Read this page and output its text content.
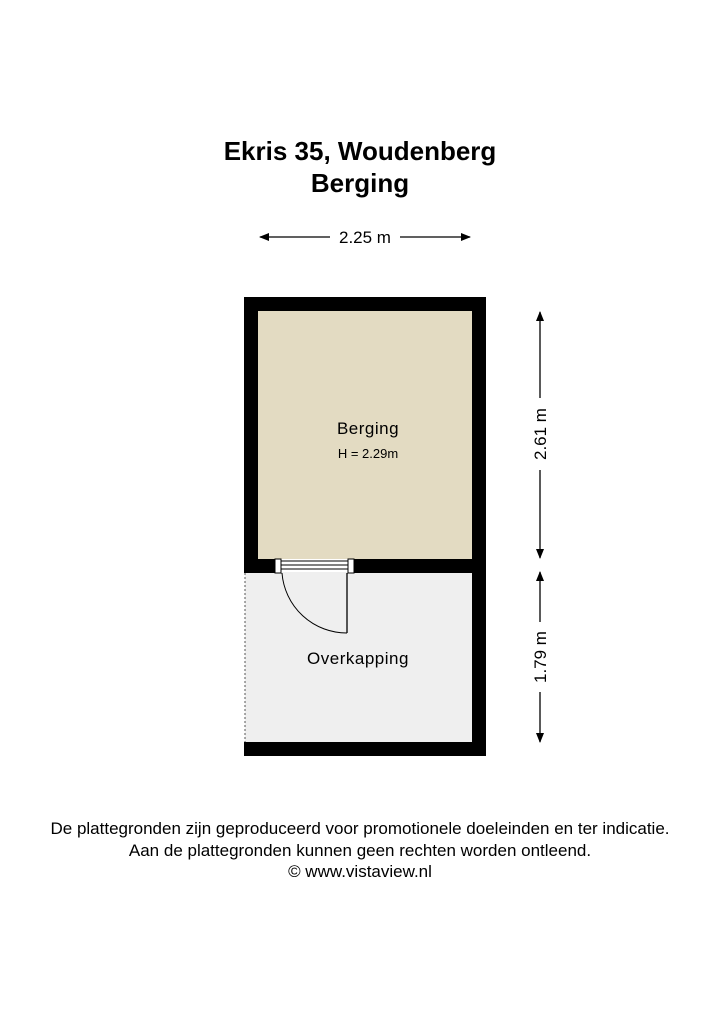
Ekris 35, Woudenberg
Berging
2.25 m
Berging
H = 2.29m
Overkapping
2.61 m
1.79 m
De plattegronden zijn geproduceerd voor promotionele doeleinden en ter indicatie.
Aan de plattegronden kunnen geen rechten worden ontleend.
© www.vistaview.nl
